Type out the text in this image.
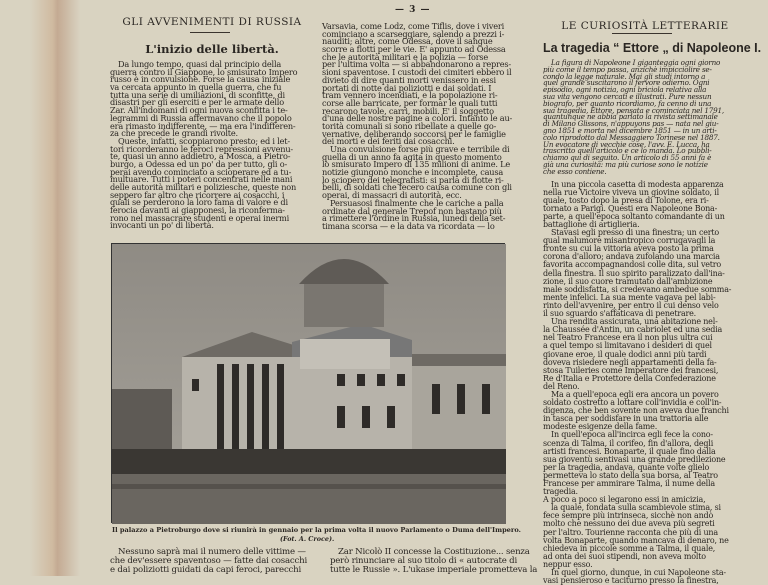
— 3 —
GLI AVVENIMENTI DI RUSSIA
L'inizio delle libertà.

Da lungo tempo, quasi dal principio della

guerra contro il Giappone, lo smisurato Impero

russo è in convulsione. Forse la causa iniziale

va cercata appunto in quella guerra, che fu

tutta una serie di umiliazioni, di sconfitte, di

disastri per gli eserciti e per le armate dello

Zar. All'indomani di ogni nuova sconfitta i te-

legrammi di Russia affermavano che il popolo

era rimasto indifferente, — ma era l'indifferen-

za che precede le grandi rivolte.

Queste, infatti, scoppiarono presto; ed i let-

tori ricorderanno le feroci repressioni avvenu-

te, quasi un anno addietro, a Mosca, a Pietro-

burgo, a Odessa ed un po' da per tutto, gli o-

perai avendo cominciato a scioperare ed a tu-

multuare. Tutti i poteri concentrati nelle mani

delle autorità militari e poliziesche, queste non

seppero far altro che ricorrere ai cosacchi, i

quali se perderono la loro fama di valore e di

ferocia davanti ai giapponesi, la riconferma-

rono nel massacrare studenti e operai inermi

invocanti un po' di libertà.

Varsavia, come Lodz, come Tiflis, dove i viveri

cominciano a scarseggiare, salendo a prezzi i-

nauditi; altre, come Odessa, dove il sangue

scorre a flotti per le vie. E' appunto ad Odessa

che le autorità militari e la polizia — forse

per l'ultima volta — si abbandonarono a repres-

sioni spaventose. I custodi dei cimiteri ebbero il

divieto di dire quanti morti venissero in essi

portati di notte dai poliziotti e dai soldati. I

tram vennero incendiati, e la popolazione ri-

corse alle barricate, per formar le quali tutti

recarono tavole, carri, mobili. E' il soggetto

d'una delle nostre pagine a colori. Intanto le au-

torità comunali si sono ribellate a quelle go-

vernative, deliberando soccorsi per le famiglie

dei morti e dei feriti dai cosacchi.

Una convulsione forse più grave e terribile di

quella di un anno fa agita in questo momento

lo smisurato Impero di 135 milioni di anime. Le

notizie giungono monche e incomplete, causa

lo sciopero dei telegrafisti: si parla di flotte ri-

belli, di soldati che fecero causa comune con gli

operai, di massacri di autorità, ecc.

Persuasosi finalmente che le cariche a palla

ordinate dal generale Trepof non bastano più

a rimettere l'ordine in Russia, lunedì della set-

timana scorsa — e la data va ricordata — lo

Il palazzo a Pietroburgo dove si riunirà in gennaio per la prima volta il nuovo Parlamento o Duma dell'Impero.
(Fot. A. Croce).

Nessuno saprà mai il numero delle vittime —

che dev'essere spaventoso — fatte dai cosacchi

e dai poliziotti guidati da capi feroci, parecchi

Zar Nicolò II concesse la Costituzione... senza

però rinunciare al suo titolo di « autocrate di

tutte le Russie ». L'ukase imperiale prometteva la

LE CURIOSITÀ LETTERARIE
La tragedia “ Ettore „ di Napoleone I.

La figura di Napoleone I giganteggia ogni giorno

più come il tempo passa, anzichè impicciolire se-

condo la legge naturale. Mai gli studi intorno a

quel grande suscitarono il fervore odierno. Ogni

episodio, ogni notizia, ogni briciola relativa alla

sua vita vengono cercati e illustrati. Pure nessun

biografo, per quanto ricordiamo, fa cenno di una

sua tragedia, Ettore, pensata e cominciata nel 1791,

quantunque ne abbia parlato la rivista settimanale

di Milano Glissons, n'appuyons pas — nata nel giu-

gno 1851 e morta nel dicembre 1851 — in un arti-

colo riprodotto dal Messaggiero Torinese nel 1887.

Un evocatore di vecchie cose, l'avv. E. Lucca, ha

trascritto quell'articolo e ce lo manda. Lo pubbli-

chiamo qui di seguito. Un articolo di 55 anni fa è

già una curiosità: ma più curiose sono le notizie

che esso contiene.

In una piccola casetta di modesta apparenza

nella rue Victoire viveva un giovine soldato, il

quale, tosto dopo la presa di Tolone, era ri-

tornato a Parigi. Questi era Napoleone Bona-

parte, a quell'epoca soltanto comandante di un

battaglione di artiglieria.

Stavasi egli presso di una finestra; un certo

qual malumore misantropico corrugavagli la

fronte su cui la vittoria aveva posto la prima

corona d'alloro; andava zufolando una marcia

favorita accompagnandosi colle dita, sul vetro

della finestra. Il suo spirito paralizzato dall'ina-

zione, il suo cuore tramutato dall'ambizione

male soddisfatta, si credevano ambedue somma-

mente infelici. La sua mente vagava pel labi-

rinto dell'avvenire, per entro il cui denso velo

il suo sguardo s'affaticava di penetrare.

Una rendita assicurata, una abitazione nel-

la Chaussée d'Antin, un cabriolet ed una sedia

nel Teatro Francese era il non plus ultra cui

a quel tempo si limitavano i desideri di quel

giovane eroe, il quale dodici anni più tardi

doveva risiedere negli appartamenti della fa-

stosa Tuileries come Imperatore dei francesi,

Re d'Italia e Protettore della Confederazione

del Reno.

Ma a quell'epoca egli era ancora un povero

soldato costretto a lottare coll'invidia e coll'in-

digenza, che ben sovente non aveva due franchi

in tasca per soddisfare in una trattoria alle

modeste esigenze della fame.

In quell'epoca all'incirca egli fece la cono-

scenza di Talma, il corifeo, fin d'allora, degli

artisti francesi. Bonaparte, il quale fino dalla

sua gioventù sentivasi una grande predilezione

per la tragedia, andava, quante volte glielo

permetteva lo stato della sua borsa, al Teatro

Francese per ammirare Talma, il nume della

tragedia.

A poco a poco si legarono essi in amicizia,

la quale, fondata sulla scambievole stima, si

fece sempre più intrinseca, sicchè non andò

molto che nessuno dei due aveva più segreti

per l'altro. Tourienne racconta che più di una

volta Bonaparte, quando mancava di denaro, ne

chiedeva in piccole somme a Talma, il quale,

ad onta dei suoi stipendi, non aveva molto

neppur esso.

In quel giorno, dunque, in cui Napoleone sta-

vasi pensieroso e taciturno presso la finestra,
